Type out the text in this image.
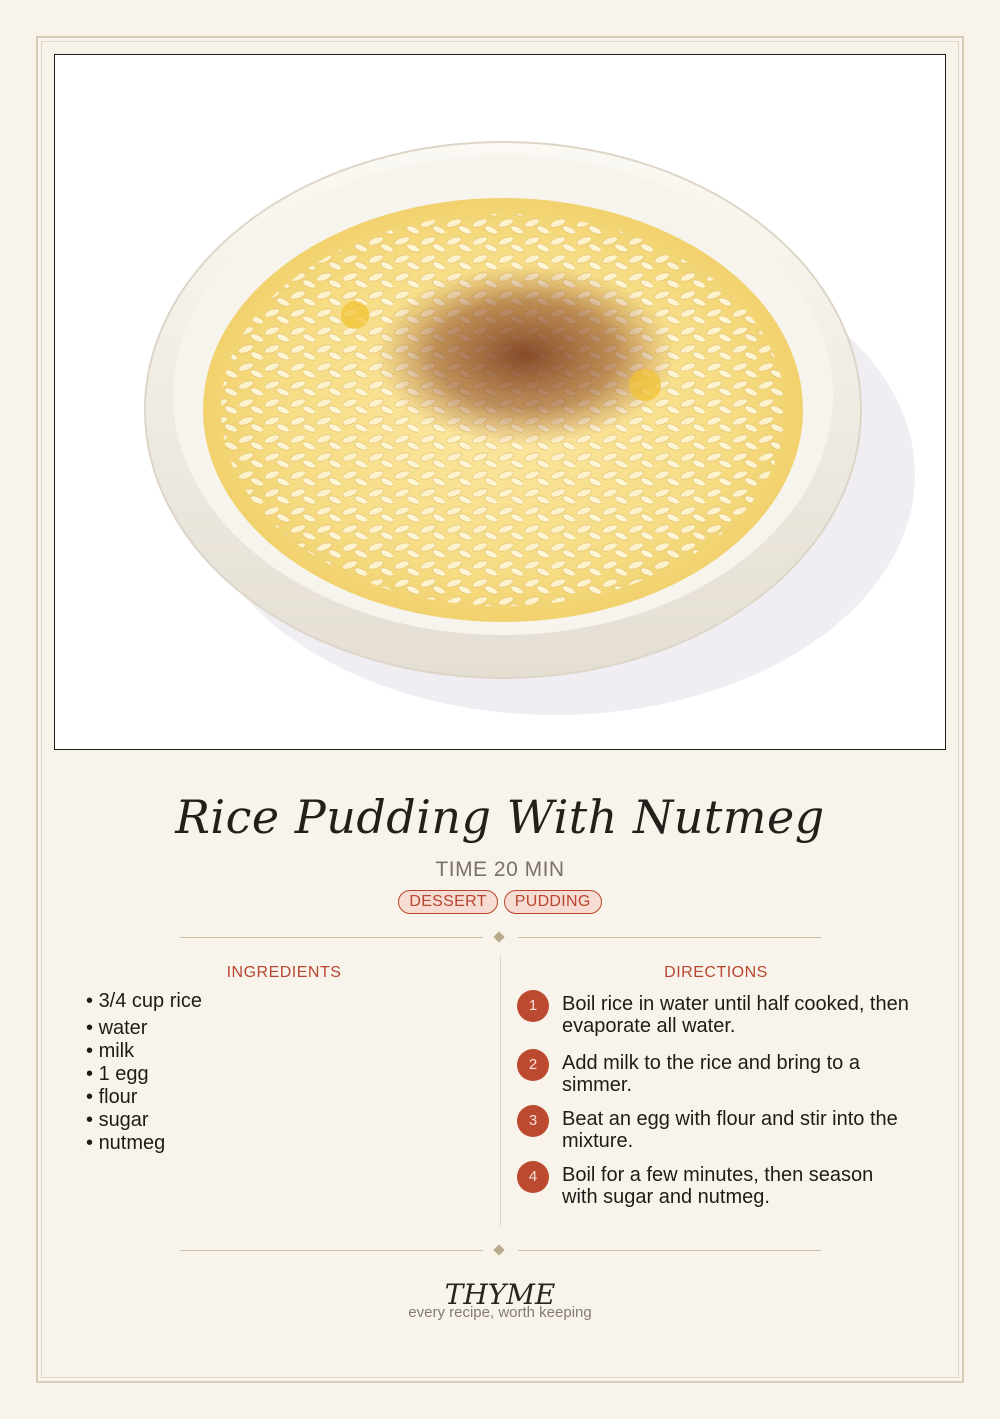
Rice Pudding With Nutmeg
TIME 20 MIN
DESSERT PUDDING
INGREDIENTS	DIRECTIONS
• 3/4 cup rice
• water
• milk
• 1 egg
• flour
• sugar
• nutmeg
1	Boil rice in water until half cooked, then evaporate all water.
2	Add milk to the rice and bring to a simmer.
3	Beat an egg with flour and stir into the mixture.
4	Boil for a few minutes, then season with sugar and nutmeg.
THYME
every recipe, worth keeping
